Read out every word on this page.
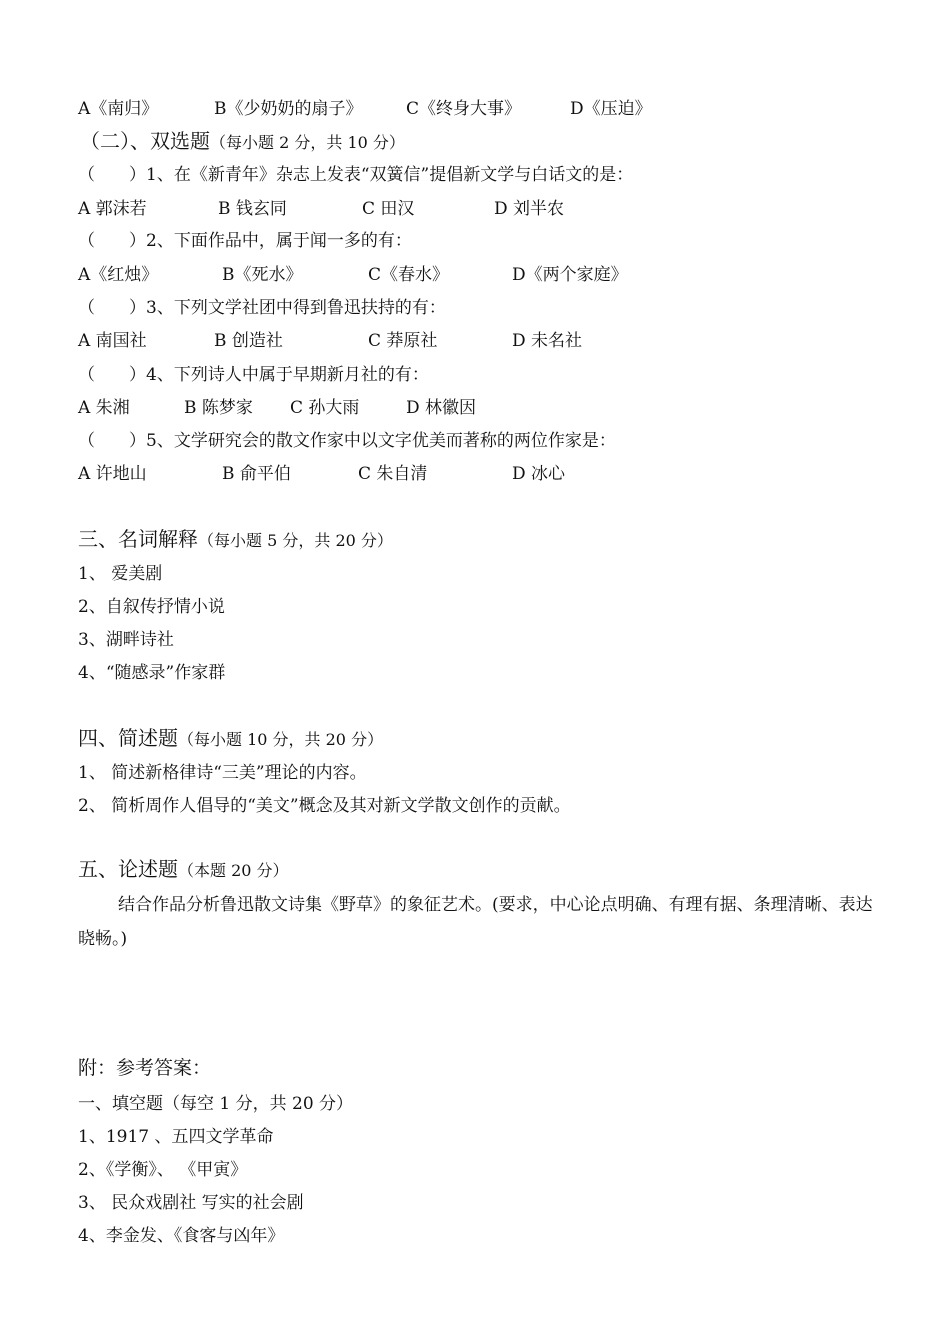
A《南归》	B《少奶奶的扇子》	C《终身大事》	D《压迫》
（二）、双选题（每小题 2 分，共 10 分）
（　　）1、在《新青年》杂志上发表“双簧信”提倡新文学与白话文的是：
A 郭沫若	B 钱玄同	C 田汉	D 刘半农
（　　）2、下面作品中，属于闻一多的有：
A《红烛》	B《死水》	C《春水》	D《两个家庭》
（　　）3、下列文学社团中得到鲁迅扶持的有：
A 南国社	B 创造社	C 莽原社	D 未名社
（　　）4、下列诗人中属于早期新月社的有：
A 朱湘	B 陈梦家 C 孙大雨	D 林徽因
（　　）5、文学研究会的散文作家中以文字优美而著称的两位作家是：
A 许地山	B 俞平伯	C 朱自清	D 冰心
三、名词解释（每小题 5 分，共 20 分）
1、 爱美剧
2、自叙传抒情小说
3、湖畔诗社
4、“随感录”作家群
四、简述题（每小题 10 分，共 20 分）
1、 简述新格律诗“三美”理论的内容。
2、 简析周作人倡导的“美文”概念及其对新文学散文创作的贡献。
五、论述题（本题 20 分）
结合作品分析鲁迅散文诗集《野草》的象征艺术。(要求，中心论点明确、有理有据、条理清晰、表达晓畅。)
附：参考答案：
一、填空题（每空 1 分，共 20 分）
1、1917 、五四文学革命
2、《学衡》、 《甲寅》
3、 民众戏剧社 写实的社会剧
4、李金发、《食客与凶年》
